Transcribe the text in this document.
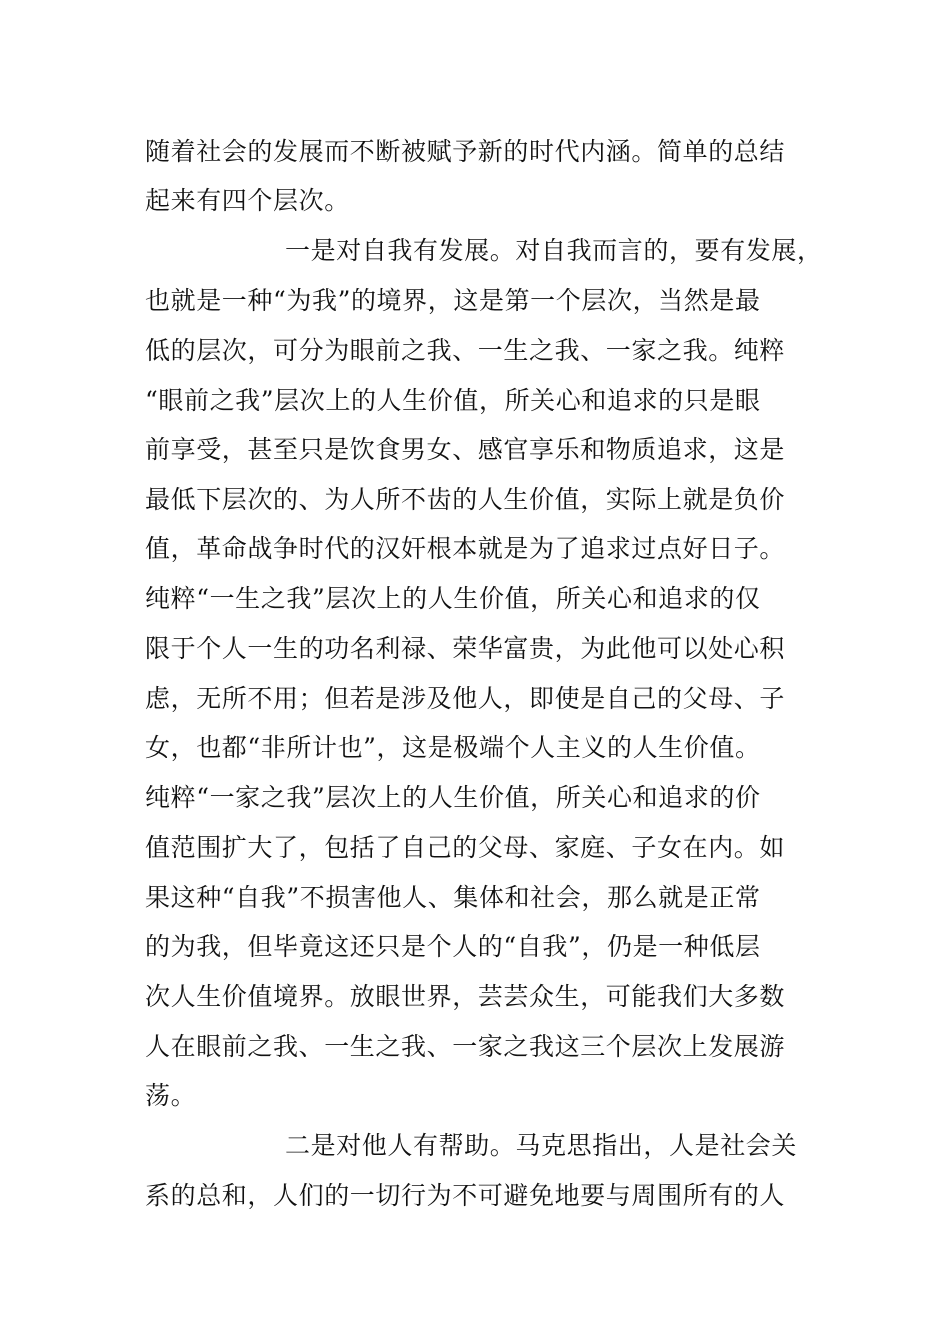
随着社会的发展而不断被赋予新的时代内涵。简单的总结
起来有四个层次。
一是对自我有发展。对自我而言的，要有发展，
也就是一种“为我”的境界，这是第一个层次，当然是最
低的层次，可分为眼前之我、一生之我、一家之我。纯粹
“眼前之我”层次上的人生价值，所关心和追求的只是眼
前享受，甚至只是饮食男女、感官享乐和物质追求，这是
最低下层次的、为人所不齿的人生价值，实际上就是负价
值，革命战争时代的汉奸根本就是为了追求过点好日子。
纯粹“一生之我”层次上的人生价值，所关心和追求的仅
限于个人一生的功名利禄、荣华富贵，为此他可以处心积
虑，无所不用；但若是涉及他人，即使是自己的父母、子
女，也都“非所计也”，这是极端个人主义的人生价值。
纯粹“一家之我”层次上的人生价值，所关心和追求的价
值范围扩大了，包括了自己的父母、家庭、子女在内。如
果这种“自我”不损害他人、集体和社会，那么就是正常
的为我，但毕竟这还只是个人的“自我”，仍是一种低层
次人生价值境界。放眼世界，芸芸众生，可能我们大多数
人在眼前之我、一生之我、一家之我这三个层次上发展游
荡。
二是对他人有帮助。马克思指出，人是社会关
系的总和，人们的一切行为不可避免地要与周围所有的人
